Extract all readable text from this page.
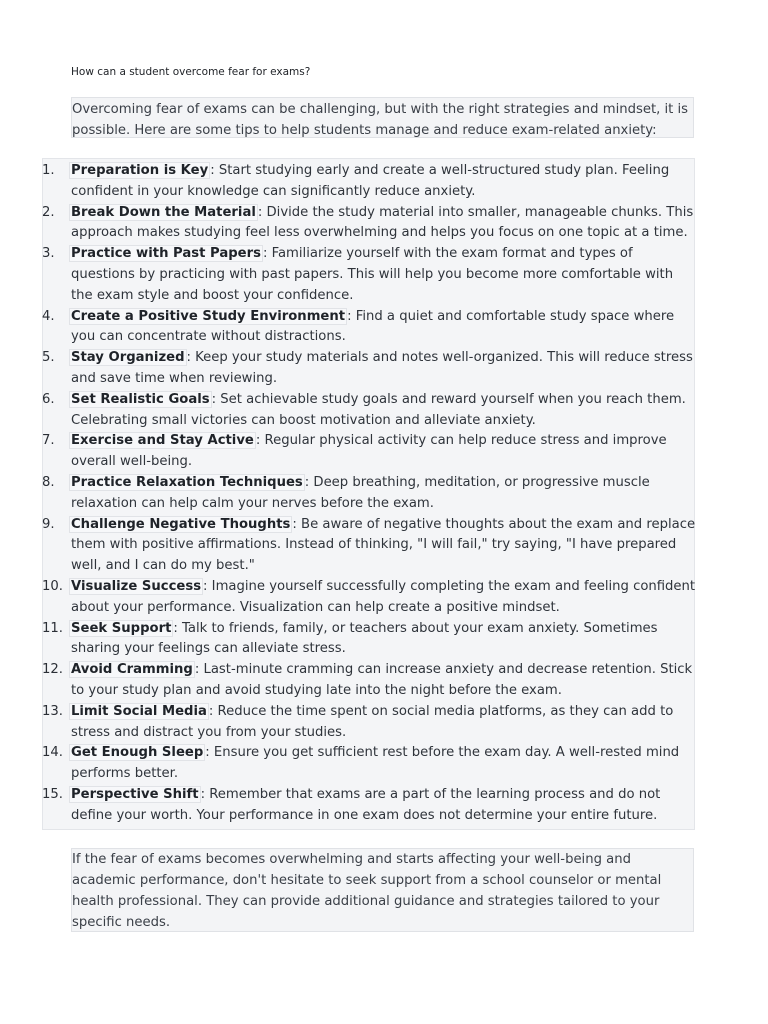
How can a student overcome fear for exams?
Overcoming fear of exams can be challenging, but with the right strategies and mindset, it is possible. Here are some tips to help students manage and reduce exam-related anxiety:
1.	Preparation is Key : Start studying early and create a well-structured study plan. Feeling confident in your knowledge can significantly reduce anxiety.
2.	Break Down the Material : Divide the study material into smaller, manageable chunks. This approach makes studying feel less overwhelming and helps you focus on one topic at a time.
3.	Practice with Past Papers : Familiarize yourself with the exam format and types of questions by practicing with past papers. This will help you become more comfortable with the exam style and boost your confidence.
4.	Create a Positive Study Environment : Find a quiet and comfortable study space where you can concentrate without distractions.
5.	Stay Organized : Keep your study materials and notes well-organized. This will reduce stress and save time when reviewing.
6.	Set Realistic Goals : Set achievable study goals and reward yourself when you reach them. Celebrating small victories can boost motivation and alleviate anxiety.
7.	Exercise and Stay Active : Regular physical activity can help reduce stress and improve overall well-being.
8.	Practice Relaxation Techniques : Deep breathing, meditation, or progressive muscle relaxation can help calm your nerves before the exam.
9.	Challenge Negative Thoughts : Be aware of negative thoughts about the exam and replace them with positive affirmations. Instead of thinking, "I will fail," try saying, "I have prepared well, and I can do my best."
10. Visualize Success : Imagine yourself successfully completing the exam and feeling confident about your performance. Visualization can help create a positive mindset.
11. Seek Support : Talk to friends, family, or teachers about your exam anxiety. Sometimes sharing your feelings can alleviate stress.
12. Avoid Cramming : Last-minute cramming can increase anxiety and decrease retention. Stick to your study plan and avoid studying late into the night before the exam.
13. Limit Social Media : Reduce the time spent on social media platforms, as they can add to stress and distract you from your studies.
14. Get Enough Sleep : Ensure you get sufficient rest before the exam day. A well-rested mind performs better.
15. Perspective Shift : Remember that exams are a part of the learning process and do not define your worth. Your performance in one exam does not determine your entire future.
If the fear of exams becomes overwhelming and starts affecting your well-being and academic performance, don't hesitate to seek support from a school counselor or mental health professional. They can provide additional guidance and strategies tailored to your specific needs.
